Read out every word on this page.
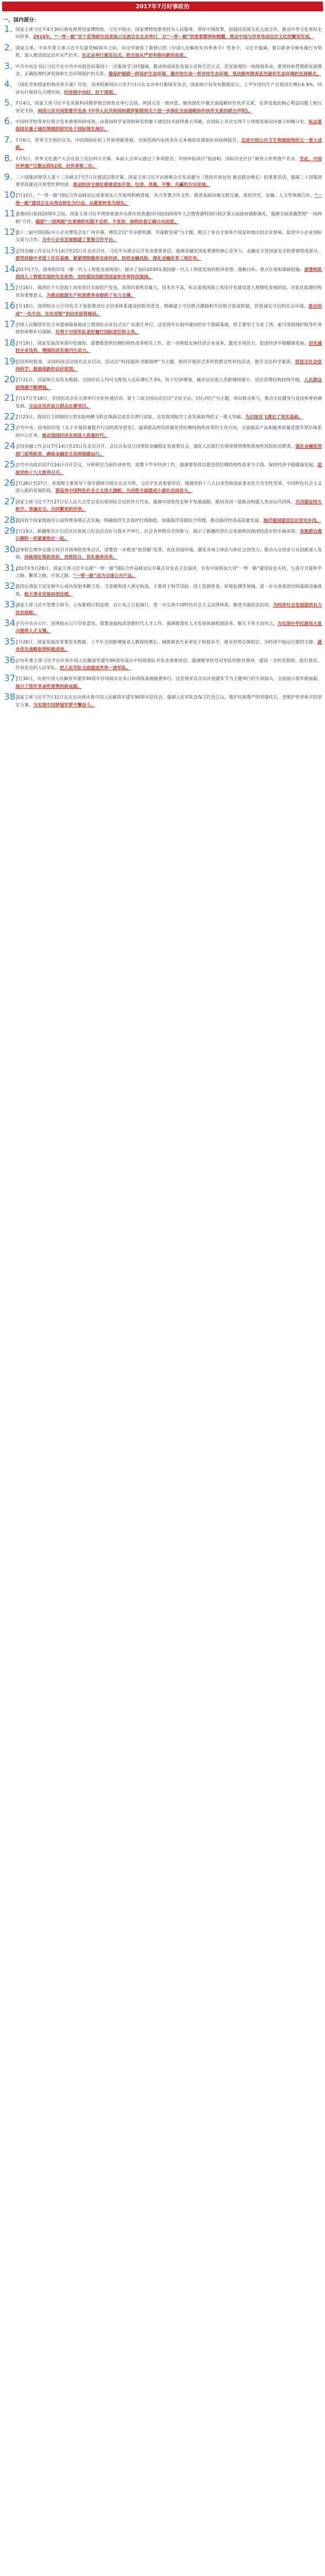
2017年7月时事政治
一、国内部分：
1. 国家主席习近平4月30日致电祝贺国家博物馆，习近平指出，国家博物馆要坚持为人民服务，讲好中国故事，加强同各国文化交流合作，推动中华文化更好走向世界。2016年，“一带一路”首个优秀研究成果展示交流会在北京举行，以“一带一路”的重要精神和精髓，推动中国与世界各国交往文化的繁荣发展。
2. 国家主席、中央军委主席习近平在建党90周年之际，向全军颁发了新修订的《中国人民解放军内务条令》等条令，习近平强调，要以新条令颁布施行为契机，深入推进依法治军从严治军。在北京举行颁发仪式，把全面从严治军推向新的高度。
3. 中共中央总书记习近平在中共中央政治局第四十一次集体学习时强调，推动形成绿色发展方式和生活方式，是发展观的一场深刻革命。要坚持和贯彻新发展理念，正确处理经济发展和生态环境保护的关系。像保护眼睛一样保护生态环境，像对待生命一样对待生态环境，坚决摒弃损害甚至破坏生态环境的发展模式。
4. 《深化党和国家机构改革方案》印发，国务院新闻办公室7月1日在北京举行新闻发布会，国家统计局发布数据显示，上半年国内生产总值同比增长6.9%，经济运行保持在合理区间。经济稳中向好、好于预期。
5. 7月4日，国家主席习近平在莫斯科同俄罗斯总统普京举行会谈。两国元首一致同意，继续深化中俄全面战略协作伙伴关系，在涉及彼此核心利益问题上相互坚定支持。两国元首共同签署并发表《中华人民共和国和俄罗斯联邦关于进一步深化全面战略协作伙伴关系的联合声明》。
6. 中国科学院等单位联合发布重要科研成果，由我国科学家领衔研发的量子通信技术取得重大突破，在国际上首次实现千公里级星地双向量子纠缠分发。标志着我国在量子通信领域的研究处于国际领先地位。
7. 7月6日，世界卫生组织宣布，中国消除疟疾工作取得新进展，全国范围内连续多年无本地原发感染疟疾病例报告。这是中国公共卫生领域取得的又一重大成就。
8. 7月5日，世界文化遗产大会在波兰克拉科夫开幕。本届大会审议通过了多项提名，中国申报项目“鼓浪屿：国际历史社区”被列入世界遗产名录。至此，中国世界遗产总数达到52项，居世界第二位。
9. 二十国集团领导人第十二次峰会7月7日在德国汉堡开幕。国家主席习近平出席峰会并发表题为《坚持开放包容 推动联动增长》的重要讲话，强调二十国集团要坚持建设开放型世界经济。推动经济全球化朝着更加开放、包容、普惠、平衡、共赢的方向发展。
10.
7月10日，“一带一路”国际合作高峰论坛成果落实工作取得积极进展，各方签署合作文件，推进基础设施互联互通，深化经贸、金融、人文等领域合作。“一带一路”建设正在从理念转化为行动，从愿景转变为现实。
11.
香港回归祖国20周年之际，国家主席习近平视察香港并出席庆祝香港回归祖国20周年大会暨香港特别行政区第五届政府就职典礼，强调全面准确贯彻“一国两制”方针。确保“一国两制”在香港的实践不走样、不变形，始终沿着正确方向前进。
12.
第十二届中国国际中小企业博览会在广州开幕，博览会以“共享新机遇、共谋新发展”为主题，吸引了来自全球多个国家和地区的企业参展，促进中小企业国际交流与合作。为中小企业发展搭建了重要合作平台。
13.
全国金融工作会议7月14日至15日在北京召开，习近平出席会议并发表重要讲话，强调金融是国家重要的核心竞争力，金融安全是国家安全的重要组成部分。要坚持稳中求进工作总基调，紧紧围绕服务实体经济、防控金融风险、深化金融改革三项任务。
14.
2017年7月，国务院印发《新一代人工智能发展规划》，提出了面向2030年我国新一代人工智能发展的指导思想、战略目标、重点任务和保障措施。部署构筑我国人工智能发展的先发优势，加快建设创新型国家和世界科技强国。
15.
7月16日，我国首个大型海上风电项目全面投产发电，该项目装机容量大、技术水平高，标志着我国海上风电开发建设进入规模化发展阶段，对优化能源结构具有重要意义。为推动能源生产和消费革命提供了有力支撑。
16.
7月18日，国务院办公厅印发关于加快推进社会信用体系建设的指导意见，明确建立守信联合激励和失信联合惩戒机制，营造诚实守信的社会环境。推动形成“一处失信、处处受限”的信用监管格局。
17.
中国人民解放军驻吉布提保障基地成立暨部队出征仪式在广东湛江举行，这是我军在海外建设的首个保障基地，将主要用于为亚丁湾、索马里海域护航等任务提供休整补给保障。有利于中国军队更好履行国际责任和义务。
18.
7月19日，国家发展改革委印发通知，部署推进供给侧结构性改革相关工作，进一步降低实体经济企业成本，激发市场活力，促进经济平稳健康发展。切实减轻企业负担，增强经济发展内生动力。
19.
经国务院批准，全国科技活动周在北京启动，活动以“科技强国 创新圆梦”为主题，组织开展形式多样的群众性科技活动，提升全民科学素质。营造全社会崇尚科学、鼓励创新的良好氛围。
20.
7月21日，国家统计局发布数据，全国居民人均可支配收入实际增长7.3%，快于经济增速，城乡居民收入差距继续缩小，居民消费结构持续升级。人民群众获得感不断增强。
21.
7月17日至18日，全国运动会在天津举行火炬传递活动，第十三届全国运动会以“全民全运、同心同行”为主题，突出群众参与，推动全民健身与竞技体育协调发展。全运会首次设立群众比赛项目。
22.
7月23日，我国自主研制的大型水陆两栖飞机在珠海完成首次滑行试验，这是我国航空工业发展取得的又一重大突破。为后续首飞奠定了坚实基础。
23.
中共中央、国务院印发《关于开展质量提升行动的指导意见》，强调提高供给质量是供给侧结构性改革的主攻方向，全面提高产品和服务质量是提升供给体系的中心任务。推动我国经济发展进入质量时代。
24.
全国金融工作会议7月14日至15日在北京召开，会议宣布设立国务院金融稳定发展委员会，强化人民银行宏观审慎管理和系统性风险防范职责。强化金融监管部门监管职责，确保金融安全高效稳健运行。
25.
中共中央政治局7月24日召开会议，分析研究当前经济形势，部署下半年经济工作，强调要坚持以推进供给侧结构性改革为主线，保持经济平稳健康发展。迎接党的十九大胜利召开。
26.
7月26日至27日，省部级主要领导干部专题研讨班在北京开班，习近平发表重要讲话，强调党的十八大以来党和国家事业发生历史性变革，中国特色社会主义进入新的发展阶段。要高举中国特色社会主义伟大旗帜，为决胜全面建成小康社会而奋斗。
27.
国家主席习近平7月27日在人民大会堂会见出席国际会议的外方代表，强调中国坚持走和平发展道路，愿同各国一道推动构建人类命运共同体。共同建设持久和平、普遍安全、共同繁荣的世界。
28.
我国首个国家级海洋公园管理条例正式实施，明确海洋生态保护红线制度，加强海洋资源综合管理，推动海洋经济高质量发展。海洋强国建设迈出坚实步伐。
29.
7月19日，新疆维吾尔自治区庆祝成立纪念活动在乌鲁木齐举行，社会各界群众共同参与，展示了新疆经济社会发展和民族团结进步的丰硕成果。各族群众像石榴籽一样紧紧抱在一起。
30.
国务院总理李克强主持召开国务院常务会议，部署进一步推进“放管服”改革，优化营商环境，激发市场主体活力和社会创造力，推动大众创业万众创新深入发展。持续深化简政放权、放管结合、优化服务改革。
31.
2017年5月28日，国家主席习近平出席“一带一路”国际合作高峰论坛开幕式并发表主旨演讲，宣布中国将加大对“一带一路”建设资金支持，与各方共建和平之路、繁荣之路、开放之路。“一带一路”成为全球公共产品。
32.
我国在酒泉卫星发射中心成功发射多颗卫星，卫星顺利进入预定轨道，主要用于科学试验、国土资源普查、环境监测等领域，进一步完善我国空间基础设施体系。航天事业发展再创佳绩。
33.
国家主席习近平签署主席令，公布新修订的法律，自公布之日起施行，进一步完善中国特色社会主义法律体系，推进全面依法治国。为经济社会发展提供有力法治保障。
34.
中共中央办公厅、国务院办公厅印发意见，部署加强和改进新时代人才工作，强调要深化人才发展体制机制改革，聚天下英才而用之。为实现中华民族伟大复兴提供人才支撑。
35.
7月28日，国家发展改革委发布数据，上半年全国新增就业人数保持增长，城镇调查失业率处于较低水平，就业形势总体稳定，为经济平稳运行提供支撑。就业优先战略取得积极成效。
36.
中央军委主席习近平在庆祝中国人民解放军建军90周年阅兵中检阅部队并发表重要讲话，强调要坚持党对军队的绝对领导，建设一支听党指挥、能打胜仗、作风优良的人民军队。把人民军队全面建成世界一流军队。
37.
7月30日，庆祝中国人民解放军建军90周年沙场阅兵在朱日和训练基地隆重举行，这是我军首次以庆祝建军节为主题举行的专项阅兵，全面展示我军新面貌。展示了我军革命性重塑的新成就。
38.
国家主席习近平7月31日在北京出席庆祝中国人民解放军建军90周年招待会，强调人民军队是保卫红色江山、维护民族尊严的坚强柱石，是维护世界和平的坚定力量。为实现中国梦强军梦不懈奋斗。
